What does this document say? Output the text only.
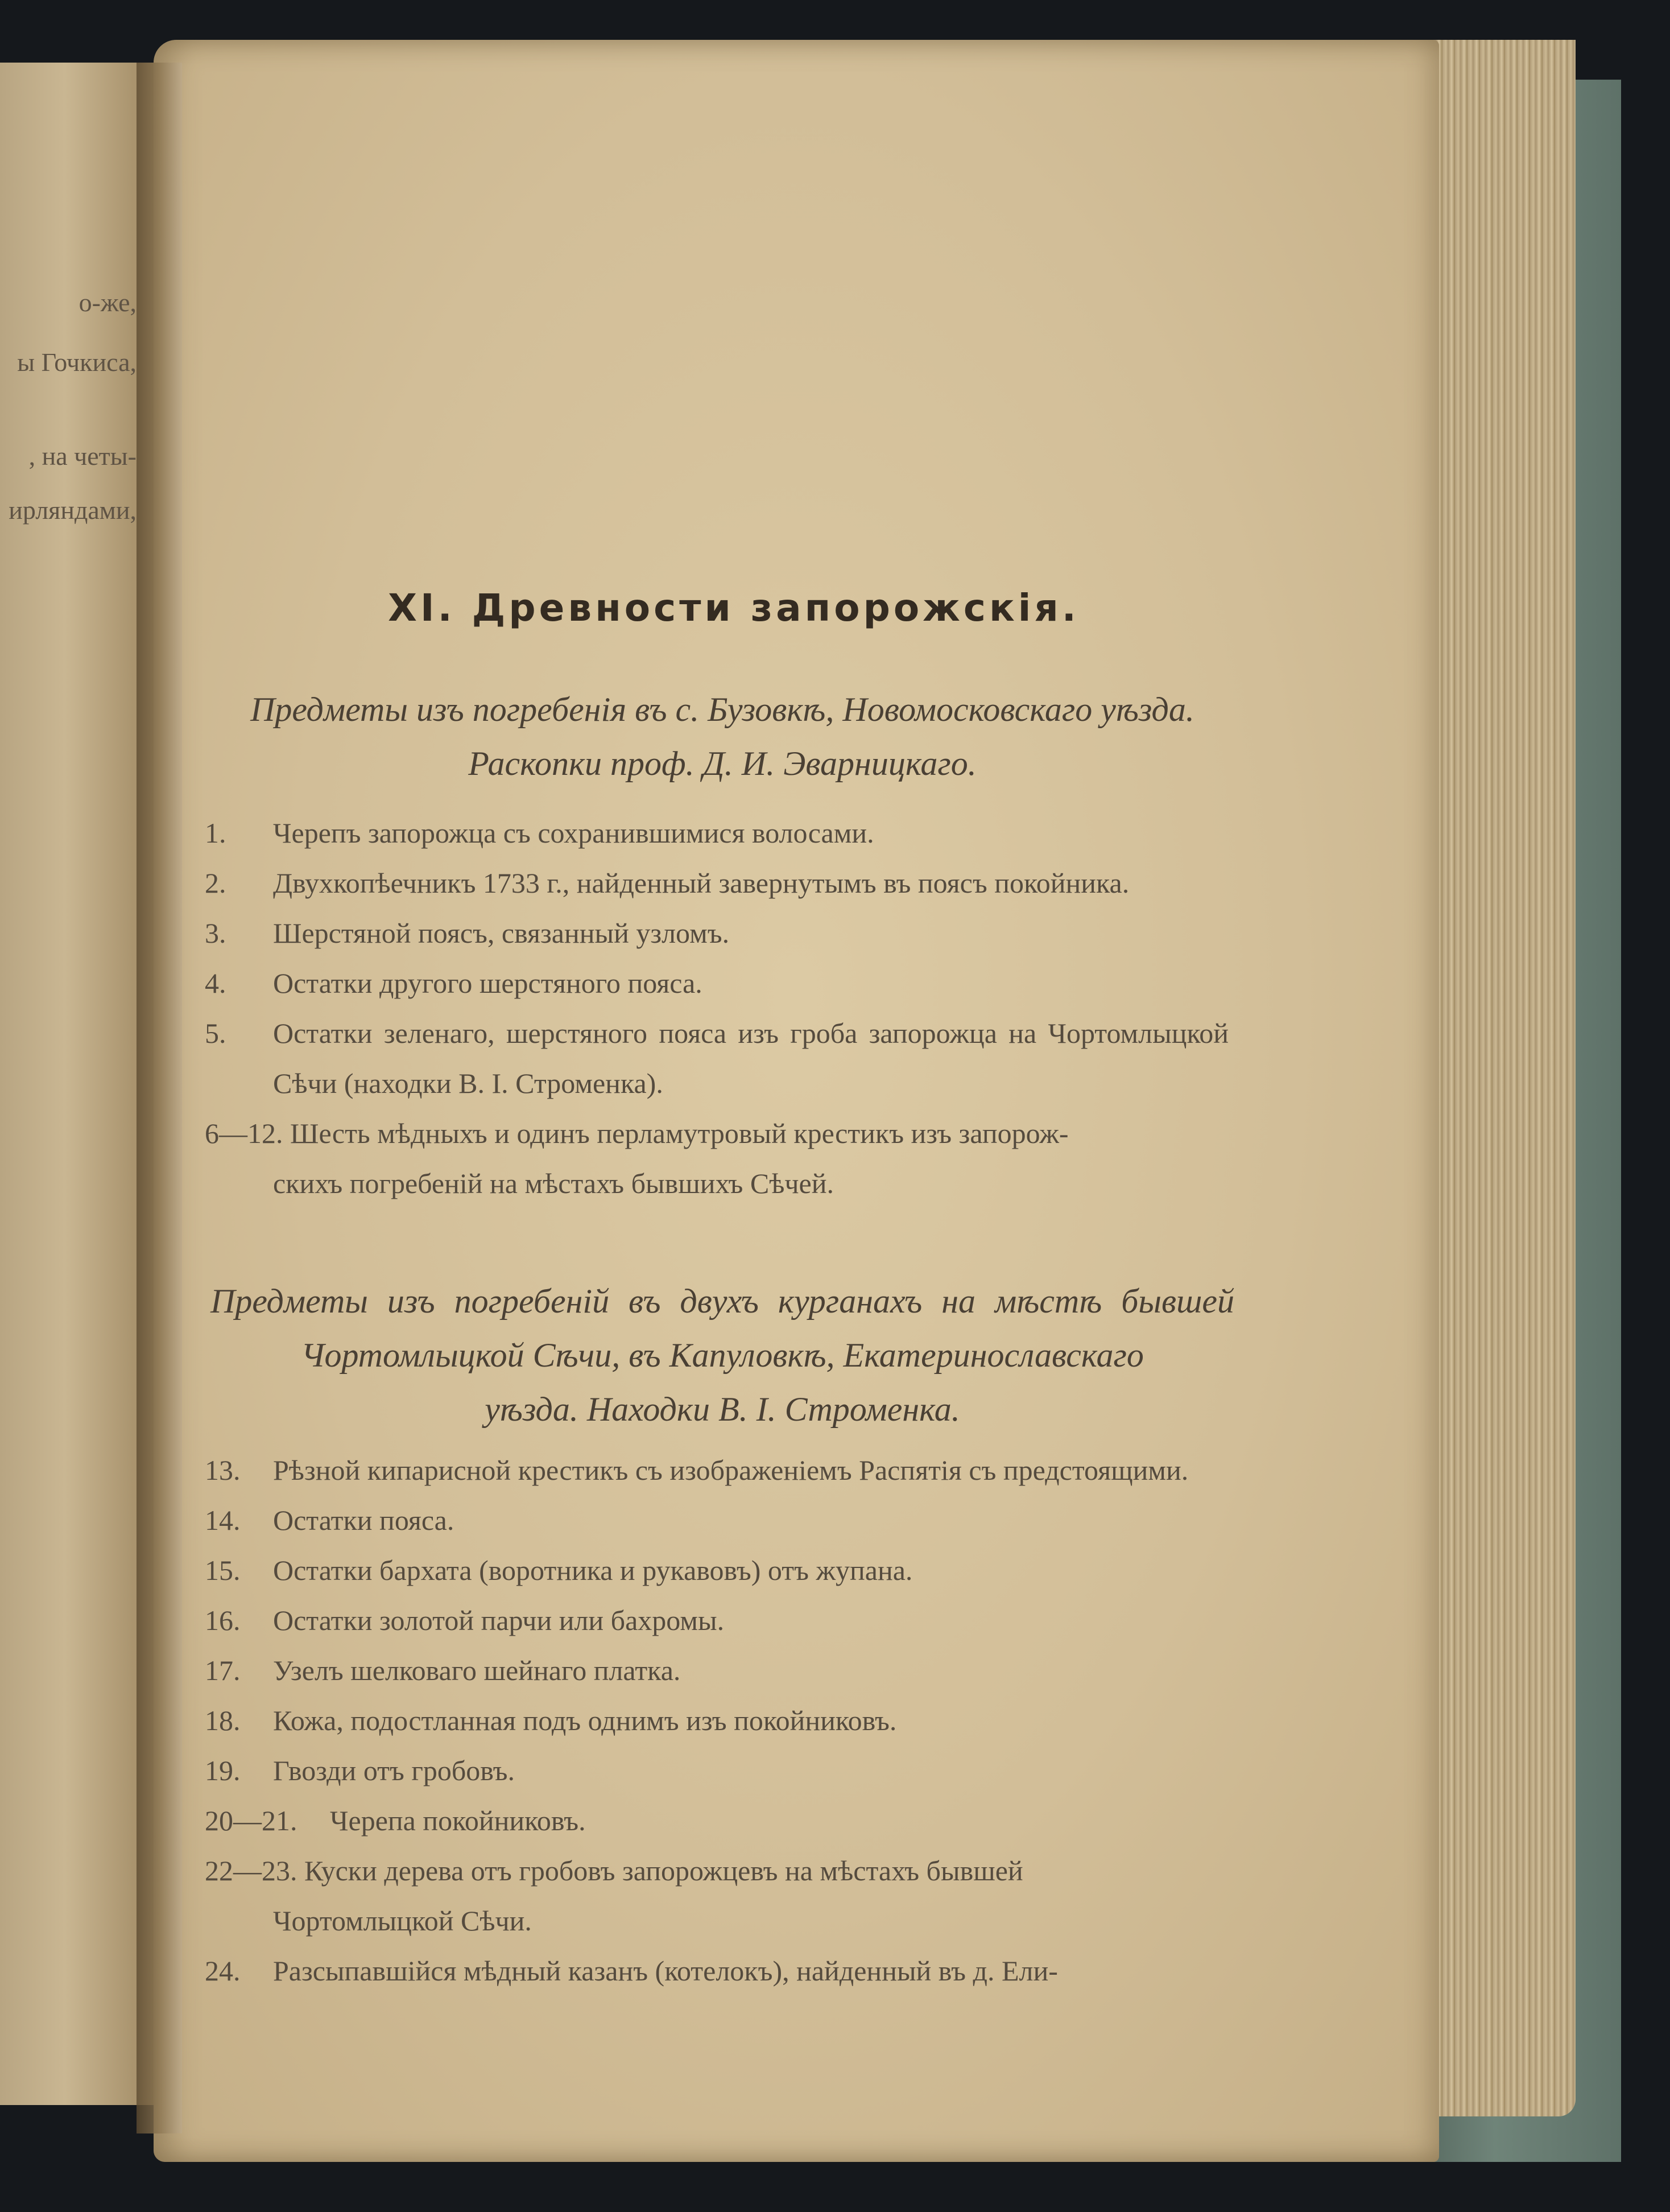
о-же,
ы Гочкиса,
, на четы-
ирляндами,
XI. Древности запорожскія.
Предметы изъ погребенія въ с. Бузовкѣ, Новомосковскаго уѣзда.
Раскопки проф. Д. И. Эварницкаго.
1.	Черепъ запорожца съ сохранившимися волосами.
2.	Двухкопѣечникъ 1733 г., найденный завернутымъ въ поясъ покойника.
3.	Шерстяной поясъ, связанный узломъ.
4.	Остатки другого шерстяного пояса.
5.	Остатки зеленаго, шерстяного пояса изъ гроба запорожца на Чортомлыцкой Сѣчи (находки В. І. Строменка).
6—12. Шесть мѣдныхъ и одинъ перламутровый крестикъ изъ запорож-
скихъ погребеній на мѣстахъ бывшихъ Сѣчей.
Предметы изъ погребеній въ двухъ курганахъ на мѣстѣ бывшей Чортомлыцкой Сѣчи, въ Капуловкѣ, Екатеринославскаго
уѣзда. Находки В. І. Строменка.
13.	Рѣзной кипарисной крестикъ съ изображеніемъ Распятія съ предстоящими.
14.	Остатки пояса.
15.	Остатки бархата (воротника и рукавовъ) отъ жупана.
16.	Остатки золотой парчи или бахромы.
17.	Узелъ шелковаго шейнаго платка.
18.	Кожа, подостланная подъ однимъ изъ покойниковъ.
19.	Гвозди отъ гробовъ.
20—21.	Черепа покойниковъ.
22—23. Куски дерева отъ гробовъ запорожцевъ на мѣстахъ бывшей
Чортомлыцкой Сѣчи.
24.	Разсыпавшійся мѣдный казанъ (котелокъ), найденный въ д. Ели-
